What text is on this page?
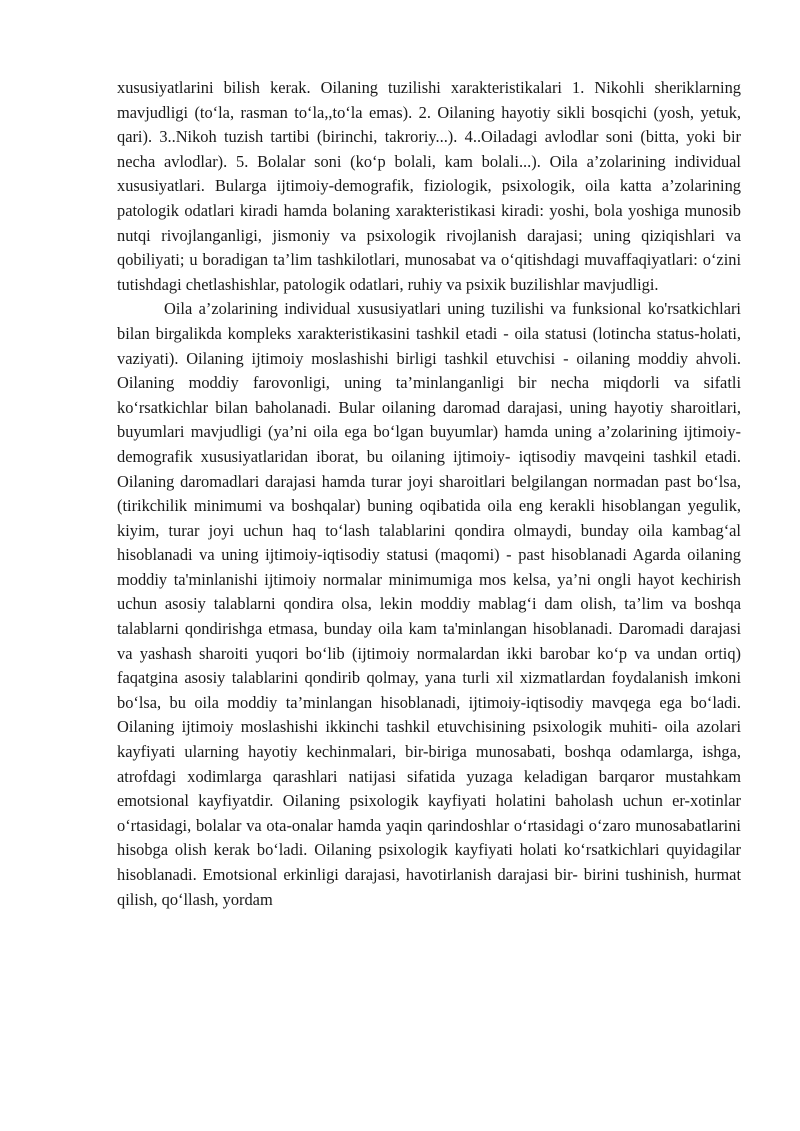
xususiyatlarini bilish kerak. Oilaning tuzilishi xarakteristikalari 1. Nikohli sheriklarning mavjudligi (to‘la, rasman to‘la,,to‘la emas). 2. Oilaning hayotiy sikli bosqichi (yosh, yetuk, qari). 3..Nikoh tuzish tartibi (birinchi, takroriy...). 4..Oiladagi avlodlar soni (bitta, yoki bir necha avlodlar). 5. Bolalar soni (ko‘p bolali, kam bolali...). Oila a’zolarining individual xususiyatlari. Bularga ijtimoiy-demografik, fiziologik, psixologik, oila katta a’zolarining patologik odatlari kiradi hamda bolaning xarakteristikasi kiradi: yoshi, bola yoshiga munosib nutqi rivojlanganligi, jismoniy va psixologik rivojlanish darajasi; uning qiziqishlari va qobiliyati; u boradigan ta’lim tashkilotlari, munosabat va o‘qitishdagi muvaffaqiyatlari: o‘zini tutishdagi chetlashishlar, patologik odatlari, ruhiy va psixik buzilishlar mavjudligi.

Oila a’zolarining individual xususiyatlari uning tuzilishi va funksional ko'rsatkichlari bilan birgalikda kompleks xarakteristikasini tashkil etadi - oila statusi (lotincha status-holati, vaziyati). Oilaning ijtimoiy moslashishi birligi tashkil etuvchisi - oilaning moddiy ahvoli. Oilaning moddiy farovonligi, uning ta’minlanganligi bir necha miqdorli va sifatli ko‘rsatkichlar bilan baholanadi. Bular oilaning daromad darajasi, uning hayotiy sharoitlari, buyumlari mavjudligi (ya’ni oila ega bo‘lgan buyumlar) hamda uning a’zolarining ijtimoiy-demografik xususiyatlaridan iborat, bu oilaning ijtimoiy- iqtisodiy mavqeini tashkil etadi. Oilaning daromadlari darajasi hamda turar joyi sharoitlari belgilangan normadan past bo‘lsa, (tirikchilik minimumi va boshqalar) buning oqibatida oila eng kerakli hisoblangan yegulik, kiyim, turar joyi uchun haq to‘lash talablarini qondira olmaydi, bunday oila kambag‘al hisoblanadi va uning ijtimoiy-iqtisodiy statusi (maqomi) - past hisoblanadi Agarda oilaning moddiy ta'minlanishi ijtimoiy normalar minimumiga mos kelsa, ya’ni ongli hayot kechirish uchun asosiy talablarni qondira olsa, lekin moddiy mablag‘i dam olish, ta’lim va boshqa talablarni qondirishga etmasa, bunday oila kam ta'minlangan hisoblanadi. Daromadi darajasi va yashash sharoiti yuqori bo‘lib (ijtimoiy normalardan ikki barobar ko‘p va undan ortiq) faqatgina asosiy talablarini qondirib qolmay, yana turli xil xizmatlardan foydalanish imkoni bo‘lsa, bu oila moddiy ta’minlangan hisoblanadi, ijtimoiy-iqtisodiy mavqega ega bo‘ladi. Oilaning ijtimoiy moslashishi ikkinchi tashkil etuvchisining psixologik muhiti- oila azolari kayfiyati ularning hayotiy kechinmalari, bir-biriga munosabati, boshqa odamlarga, ishga, atrofdagi xodimlarga qarashlari natijasi sifatida yuzaga keladigan barqaror mustahkam emotsional kayfiyatdir. Oilaning psixologik kayfiyati holatini baholash uchun er-xotinlar o‘rtasidagi, bolalar va ota-onalar hamda yaqin qarindoshlar o‘rtasidagi o‘zaro munosabatlarini hisobga olish kerak bo‘ladi. Oilaning psixologik kayfiyati holati ko‘rsatkichlari quyidagilar hisoblanadi. Emotsional erkinligi darajasi, havotirlanish darajasi bir- birini tushinish, hurmat qilish, qo‘llash, yordam
